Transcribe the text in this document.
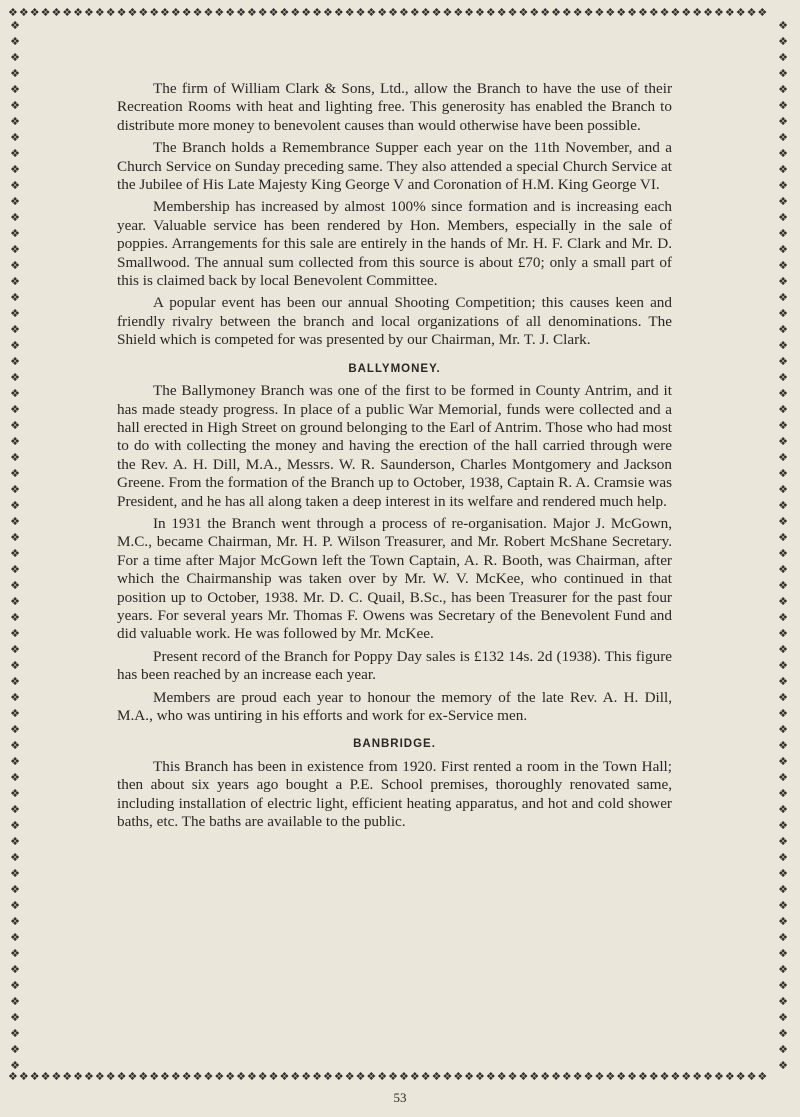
❖❖❖❖❖❖❖❖❖❖❖❖❖❖❖❖❖❖❖❖❖❖❖❖❖❖❖❖❖❖❖❖❖❖❖❖❖❖❖❖❖❖❖❖❖❖❖❖❖❖❖❖❖❖❖❖❖❖❖❖❖❖❖❖❖❖❖❖❖❖
❖❖❖❖❖❖❖❖❖❖❖❖❖❖❖❖❖❖❖❖❖❖❖❖❖❖❖❖❖❖❖❖❖❖❖❖❖❖❖❖❖❖❖❖❖❖❖❖❖❖❖❖❖❖❖❖❖❖❖❖❖❖❖❖❖❖❖❖❖❖
❖❖❖❖❖❖❖❖❖❖❖❖❖❖❖❖❖❖❖❖❖❖❖❖❖❖❖❖❖❖❖❖❖❖❖❖❖❖❖❖❖❖❖❖❖❖❖❖❖❖❖❖❖❖❖❖❖❖❖❖❖❖❖❖❖❖
❖❖❖❖❖❖❖❖❖❖❖❖❖❖❖❖❖❖❖❖❖❖❖❖❖❖❖❖❖❖❖❖❖❖❖❖❖❖❖❖❖❖❖❖❖❖❖❖❖❖❖❖❖❖❖❖❖❖❖❖❖❖❖❖❖❖

The firm of William Clark & Sons, Ltd., allow the Branch to have the use of their Recreation Rooms with heat and lighting free. This generosity has enabled the Branch to distribute more money to benevolent causes than would otherwise have been possible.

The Branch holds a Remembrance Supper each year on the 11th November, and a Church Service on Sunday preceding same. They also attended a special Church Service at the Jubilee of His Late Majesty King George V and Coronation of H.M. King George VI.

Membership has increased by almost 100% since formation and is increasing each year. Valuable service has been rendered by Hon. Members, especially in the sale of poppies. Arrangements for this sale are entirely in the hands of Mr. H. F. Clark and Mr. D. Smallwood. The annual sum collected from this source is about £70; only a small part of this is claimed back by local Benevolent Committee.

A popular event has been our annual Shooting Competition; this causes keen and friendly rivalry between the branch and local organizations of all denominations. The Shield which is competed for was presented by our Chairman, Mr. T. J. Clark.

BALLYMONEY.

The Ballymoney Branch was one of the first to be formed in County Antrim, and it has made steady progress. In place of a public War Memorial, funds were collected and a hall erected in High Street on ground belonging to the Earl of Antrim. Those who had most to do with collecting the money and having the erection of the hall carried through were the Rev. A. H. Dill, M.A., Messrs. W. R. Saunderson, Charles Montgomery and Jackson Greene. From the formation of the Branch up to October, 1938, Captain R. A. Cramsie was President, and he has all along taken a deep interest in its welfare and rendered much help.

In 1931 the Branch went through a process of re-organisation. Major J. McGown, M.C., became Chairman, Mr. H. P. Wilson Treasurer, and Mr. Robert McShane Secretary. For a time after Major McGown left the Town Captain, A. R. Booth, was Chairman, after which the Chairmanship was taken over by Mr. W. V. McKee, who continued in that position up to October, 1938. Mr. D. C. Quail, B.Sc., has been Treasurer for the past four years. For several years Mr. Thomas F. Owens was Secretary of the Benevolent Fund and did valuable work. He was followed by Mr. McKee.

Present record of the Branch for Poppy Day sales is £132 14s. 2d (1938). This figure has been reached by an increase each year.

Members are proud each year to honour the memory of the late Rev. A. H. Dill, M.A., who was untiring in his efforts and work for ex-Service men.

BANBRIDGE.

This Branch has been in existence from 1920. First rented a room in the Town Hall; then about six years ago bought a P.E. School premises, thoroughly renovated same, including installation of electric light, efficient heating apparatus, and hot and cold shower baths, etc. The baths are available to the public.

53
